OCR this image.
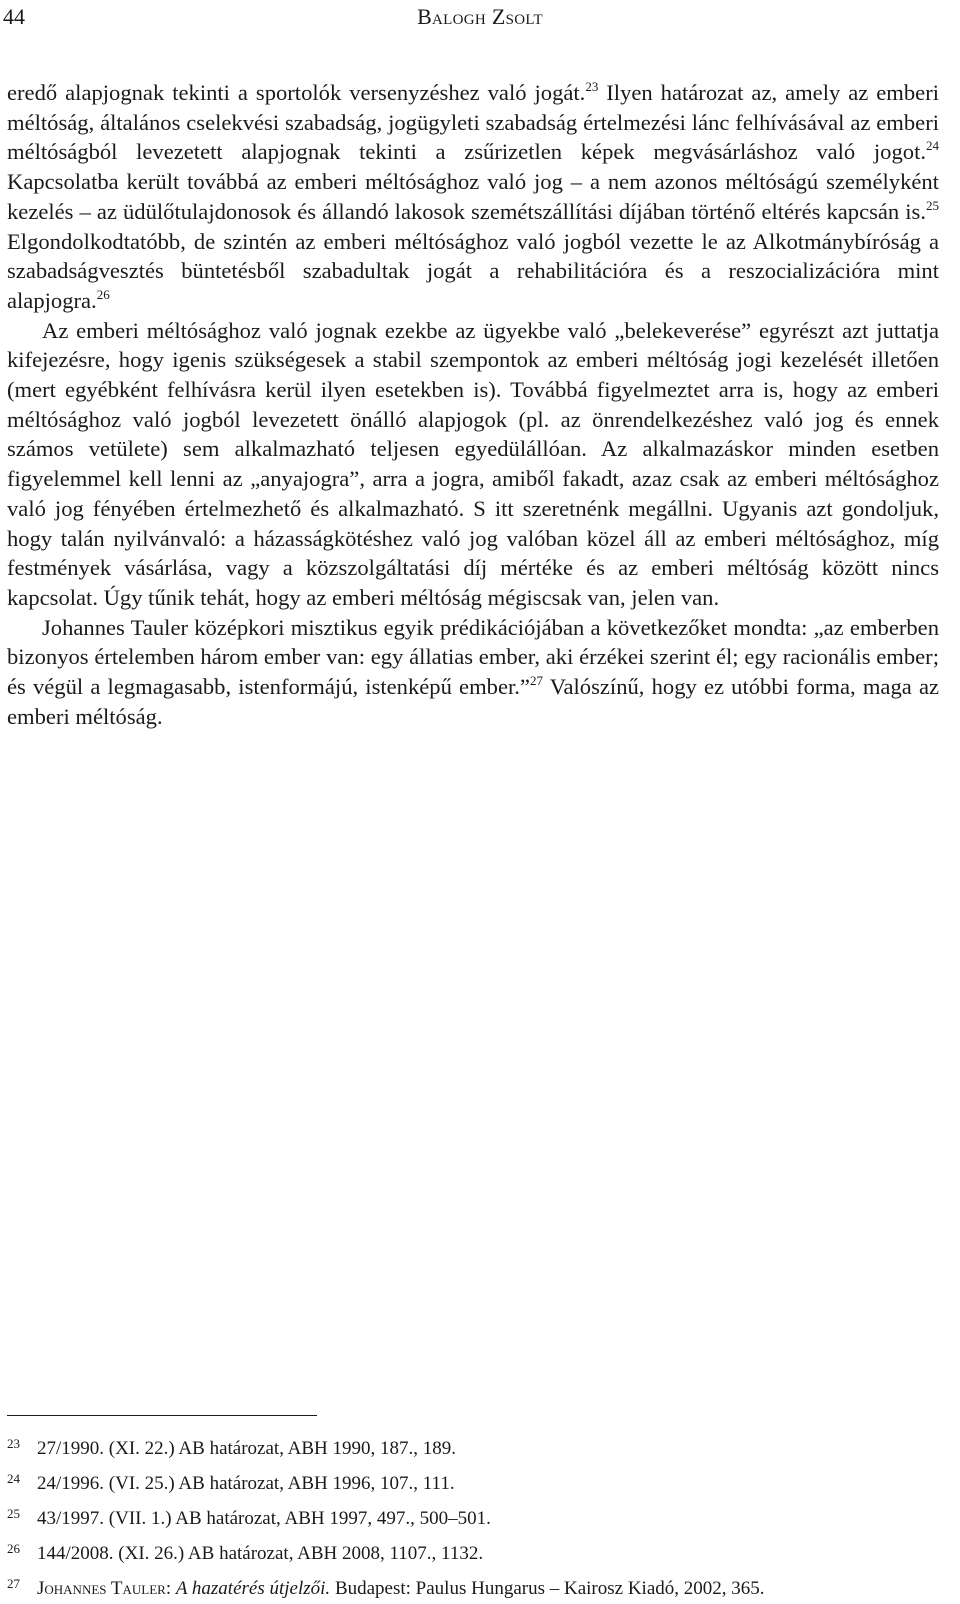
44	Balogh Zsolt

eredő alapjognak tekinti a sportolók versenyzéshez való jogát.$^{23}$ Ilyen határozat az, amely az emberi méltóság, általános cselekvési szabadság, jogügyleti szabadság értelmezési lánc felhívásával az emberi méltóságból levezetett alapjognak tekinti a zsűrizetlen képek megvásárláshoz való jogot.$^{24}$ Kapcsolatba került továbbá az emberi méltósághoz való jog – a nem azonos méltóságú személyként kezelés – az üdülőtulajdonosok és állandó lakosok szemétszállítási díjában történő eltérés kapcsán is.$^{25}$ Elgondolkodtatóbb, de szintén az emberi méltósághoz való jogból vezette le az Alkotmánybíróság a szabadságvesztés büntetésből szabadultak jogát a rehabilitációra és a reszocializációra mint alapjogra.$^{26}$

Az emberi méltósághoz való jognak ezekbe az ügyekbe való „belekeverése” egyrészt azt juttatja kifejezésre, hogy igenis szükségesek a stabil szempontok az emberi méltóság jogi kezelését illetően (mert egyébként felhívásra kerül ilyen esetekben is). Továbbá figyelmeztet arra is, hogy az emberi méltósághoz való jogból levezetett önálló alapjogok (pl. az önrendelkezéshez való jog és ennek számos vetülete) sem alkalmazható teljesen egyedülállóan. Az alkalmazáskor minden esetben figyelemmel kell lenni az „anyajogra”, arra a jogra, amiből fakadt, azaz csak az emberi méltósághoz való jog fényében értelmezhető és alkalmazható. S itt szeretnénk megállni. Ugyanis azt gondoljuk, hogy talán nyilvánvaló: a házasságkötéshez való jog valóban közel áll az emberi méltósághoz, míg festmények vásárlása, vagy a közszolgáltatási díj mértéke és az emberi méltóság között nincs kapcsolat. Úgy tűnik tehát, hogy az emberi méltóság mégiscsak van, jelen van.

Johannes Tauler középkori misztikus egyik prédikációjában a következőket mondta: „az emberben bizonyos értelemben három ember van: egy állatias ember, aki érzékei szerint él; egy racionális ember; és végül a legmagasabb, istenformájú, istenképű ember.”$^{27}$ Valószínű, hogy ez utóbbi forma, maga az emberi méltóság.

23 27/1990. (XI. 22.) AB határozat, ABH 1990, 187., 189.
24 24/1996. (VI. 25.) AB határozat, ABH 1996, 107., 111.
25 43/1997. (VII. 1.) AB határozat, ABH 1997, 497., 500–501.
26 144/2008. (XI. 26.) AB határozat, ABH 2008, 1107., 1132.
27 Johannes Tauler: A hazatérés útjelzői. Budapest: Paulus Hungarus – Kairosz Kiadó, 2002, 365.
